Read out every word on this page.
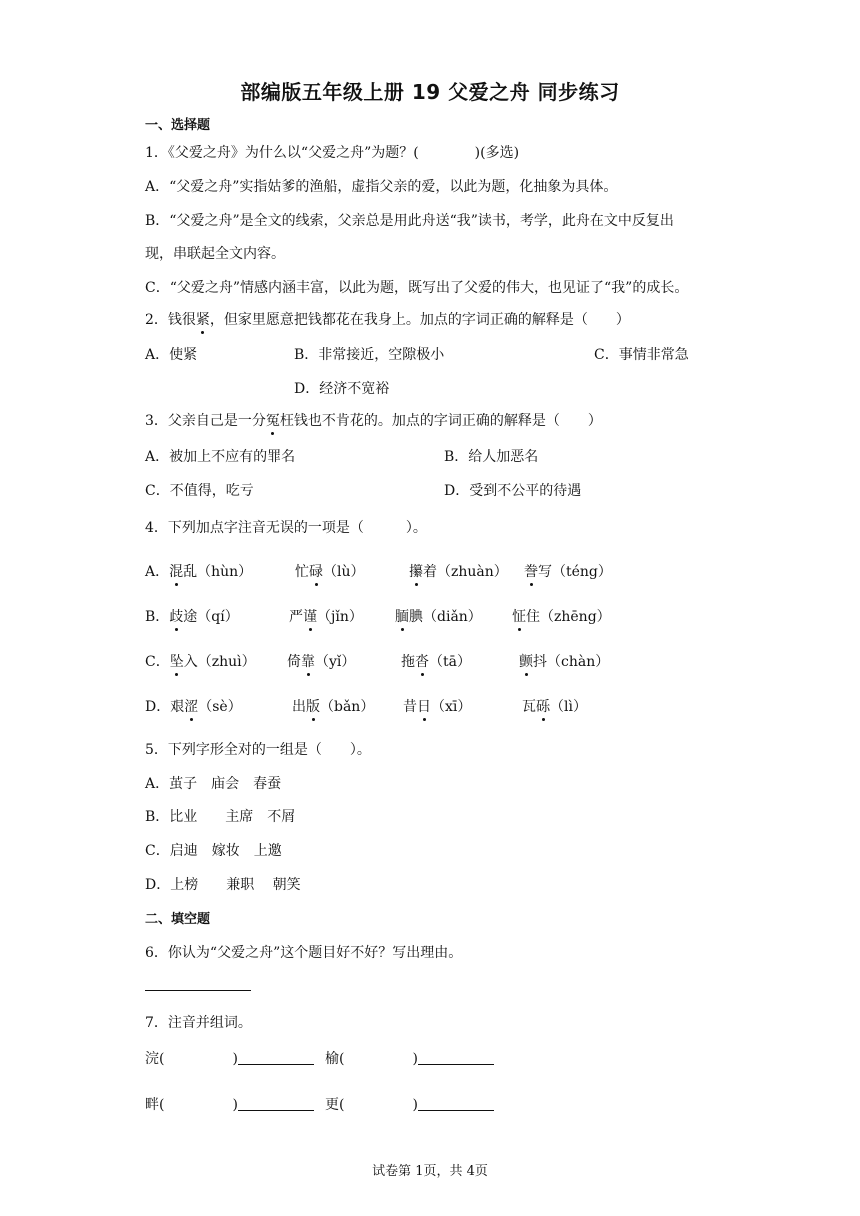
部编版五年级上册 19 父爱之舟 同步练习
一、选择题
1．《父爱之舟》为什么以“父爱之舟”为题？(　　　　)(多选)
A．“父爱之舟”实指姑爹的渔船，虚指父亲的爱，以此为题，化抽象为具体。
B．“父爱之舟”是全文的线索，父亲总是用此舟送“我”读书，考学，此舟在文中反复出
现，串联起全文内容。
C．“父爱之舟”情感内涵丰富，以此为题，既写出了父爱的伟大，也见证了“我”的成长。
2．钱很紧，但家里愿意把钱都花在我身上。加点的字词正确的解释是（　　）
A．使紧	B．非常接近，空隙极小	C．事情非常急
D．经济不宽裕
3．父亲自己是一分冤枉钱也不肯花的。加点的字词正确的解释是（　　）
A．被加上不应有的罪名	B．给人加恶名
C．不值得，吃亏	D．受到不公平的待遇
4．下列加点字注音无误的一项是（　　　）。
A．混乱（hùn）	忙碌（lù）	攥着（zhuàn） 誊写（téng）
B．歧途（qí）	严谨（jǐn） 腼腆（diǎn） 怔住（zhēng）
C．坠入（zhuì） 倚靠（yǐ）	拖沓（tā）	颤抖（chàn）
D．艰涩（sè）	出版（bǎn） 昔日（xī）	瓦砾（lì）
5．下列字形全对的一组是（　　）。
A．茧子　庙会　春蚕
B．比业　　主席　不屑
C．启迪　嫁妆　上邀
D．上榜　　兼职　 朝笑
二、填空题
6．你认为“父爱之舟”这个题目好不好？写出理由。
7．注音并组词。
浣(	)	榆(	)
畔(	)	更(	)
试卷第 1页，共 4页
